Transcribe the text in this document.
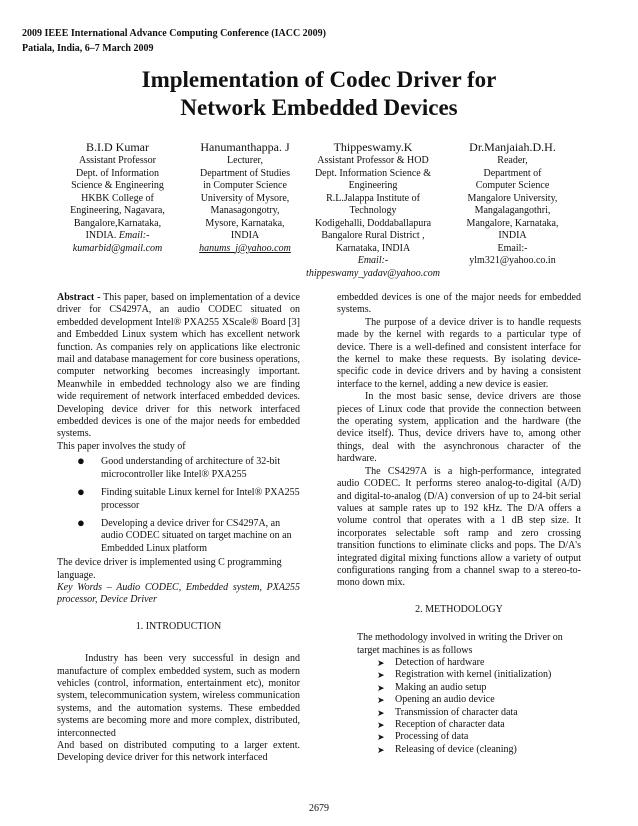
2009 IEEE International Advance Computing Conference (IACC 2009)
Patiala, India, 6–7 March 2009
Implementation of Codec Driver for
Network Embedded Devices
B.I.D Kumar
Assistant Professor
Dept. of Information
Science & Engineering
HKBK College of
Engineering, Nagavara,
Bangalore,Karnataka,
INDIA. Email:-
kumarbid@gmail.com
Hanumanthappa. J
Lecturer,
Department of Studies
in Computer Science
University of Mysore,
Manasagongotry,
Mysore, Karnataka,
INDIA
hanums_j@yahoo.com
Thippeswamy.K
Assistant Professor & HOD
Dept. Information Science &
Engineering
R.L.Jalappa Institute of
Technology
Kodigehalli, Doddaballapura
Bangalore Rural District ,
Karnataka, INDIA
Email:-
thippeswamy_yadav@yahoo.com
Dr.Manjaiah.D.H.
Reader,
Department of
Computer Science
Mangalore University,
Mangalagangothri,
Mangalore, Karnataka,
INDIA
Email:-
ylm321@yahoo.co.in

Abstract - This paper, based on implementation of a device driver for CS4297A, an audio CODEC situated on embedded development Intel® PXA255 XScale® Board [3] and Embedded Linux system which has excellent network function. As companies rely on applications like electronic mail and database management for core business operations, computer networking becomes increasingly important. Meanwhile in embedded technology also we are finding wide requirement of network interfaced embedded devices. Developing device driver for this network interfaced embedded devices is one of the major needs for embedded systems.

This paper involves the study of

● Good understanding of architecture of 32-bit microcontroller like Intel® PXA255
● Finding suitable Linux kernel for Intel® PXA255 processor
● Developing a device driver for CS4297A, an audio CODEC situated on target machine on an Embedded Linux platform

The device driver is implemented using C programming language.

Key Words – Audio CODEC, Embedded system, PXA255 processor, Device Driver

1. INTRODUCTION

Industry has been very successful in design and manufacture of complex embedded system, such as modern vehicles (control, information, entertainment etc), monitor system, telecommunication system, wireless communication systems, and the automation systems. These embedded systems are becoming more and more complex, distributed, interconnected

And based on distributed computing to a larger extent. Developing device driver for this network interfaced

embedded devices is one of the major needs for embedded systems.

The purpose of a device driver is to handle requests made by the kernel with regards to a particular type of device. There is a well-defined and consistent interface for the kernel to make these requests. By isolating device-specific code in device drivers and by having a consistent interface to the kernel, adding a new device is easier.

In the most basic sense, device drivers are those pieces of Linux code that provide the connection between the operating system, application and the hardware (the device itself). Thus, device drivers have to, among other things, deal with the asynchronous character of the hardware.

The CS4297A is a high-performance, integrated audio CODEC. It performs stereo analog-to-digital (A/D) and digital-to-analog (D/A) conversion of up to 24-bit serial values at sample rates up to 192 kHz. The D/A offers a volume control that operates with a 1 dB step size. It incorporates selectable soft ramp and zero crossing transition functions to eliminate clicks and pops. The D/A's integrated digital mixing functions allow a variety of output configurations ranging from a channel swap to a stereo-to-mono down mix.

2. METHODOLOGY

The methodology involved in writing the Driver on target machines is as follows

➤ Detection of hardware
➤ Registration with kernel (initialization)
➤ Making an audio setup
➤ Opening an audio device
➤ Transmission of character data
➤ Reception of character data
➤ Processing of data
➤ Releasing of device (cleaning)
2679
